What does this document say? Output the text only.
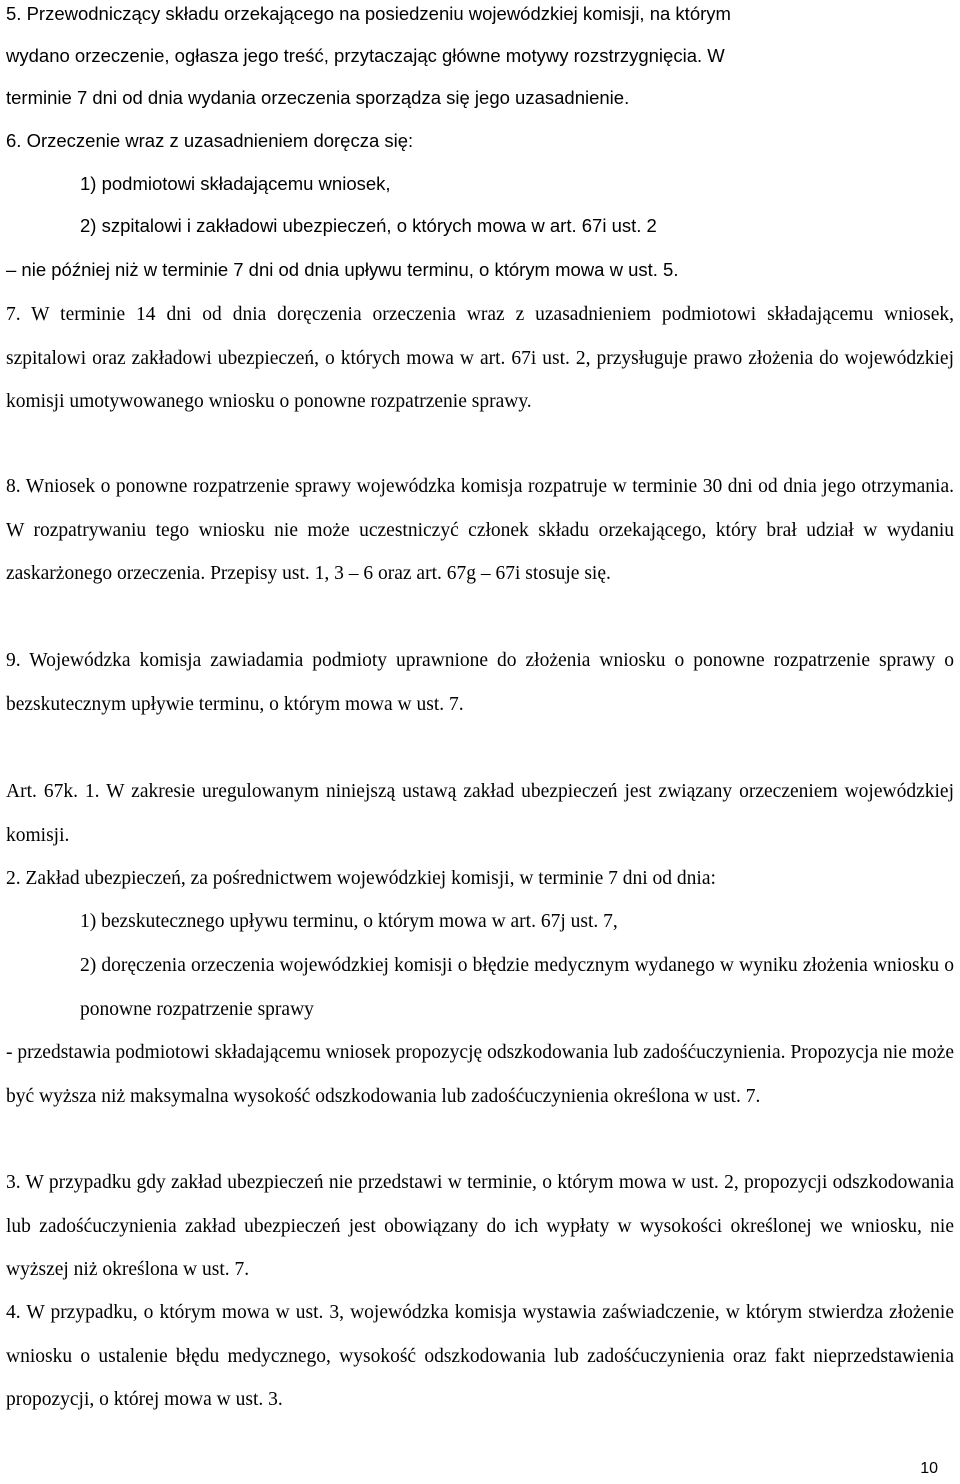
5. Przewodniczący składu orzekającego na posiedzeniu wojewódzkiej komisji, na którym
wydano orzeczenie, ogłasza jego treść, przytaczając główne motywy rozstrzygnięcia. W
terminie 7 dni od dnia wydania orzeczenia sporządza się jego uzasadnienie.
6. Orzeczenie wraz z uzasadnieniem doręcza się:
1) podmiotowi składającemu wniosek,
2) szpitalowi i zakładowi ubezpieczeń, o których mowa w art. 67i ust. 2
– nie później niż w terminie 7 dni od dnia upływu terminu, o którym mowa w ust. 5.

7. W terminie 14 dni od dnia doręczenia orzeczenia wraz z uzasadnieniem podmiotowi składającemu wniosek, szpitalowi oraz zakładowi ubezpieczeń, o których mowa w art. 67i ust. 2, przysługuje prawo złożenia do wojewódzkiej komisji umotywowanego wniosku o ponowne rozpatrzenie sprawy.

8. Wniosek o ponowne rozpatrzenie sprawy wojewódzka komisja rozpatruje w terminie 30 dni od dnia jego otrzymania. W rozpatrywaniu tego wniosku nie może uczestniczyć członek składu orzekającego, który brał udział w wydaniu zaskarżonego orzeczenia. Przepisy ust. 1, 3 – 6 oraz art. 67g – 67i stosuje się.

9. Wojewódzka komisja zawiadamia podmioty uprawnione do złożenia wniosku o ponowne rozpatrzenie sprawy o bezskutecznym upływie terminu, o którym mowa w ust. 7.

Art. 67k. 1. W zakresie uregulowanym niniejszą ustawą zakład ubezpieczeń jest związany orzeczeniem wojewódzkiej komisji.

2. Zakład ubezpieczeń, za pośrednictwem wojewódzkiej komisji, w terminie 7 dni od dnia:

1) bezskutecznego upływu terminu, o którym mowa w art. 67j ust. 7,

2) doręczenia orzeczenia wojewódzkiej komisji o błędzie medycznym wydanego w wyniku złożenia wniosku o ponowne rozpatrzenie sprawy

- przedstawia podmiotowi składającemu wniosek propozycję odszkodowania lub zadośćuczynienia. Propozycja nie może być wyższa niż maksymalna wysokość odszkodowania lub zadośćuczynienia określona w ust. 7.

3. W przypadku gdy zakład ubezpieczeń nie przedstawi w terminie, o którym mowa w ust. 2, propozycji odszkodowania lub zadośćuczynienia zakład ubezpieczeń jest obowiązany do ich wypłaty w wysokości określonej we wniosku, nie wyższej niż określona w ust. 7.

4. W przypadku, o którym mowa w ust. 3, wojewódzka komisja wystawia zaświadczenie, w którym stwierdza złożenie wniosku o ustalenie błędu medycznego, wysokość odszkodowania lub zadośćuczynienia oraz fakt nieprzedstawienia propozycji, o której mowa w ust. 3.

10
